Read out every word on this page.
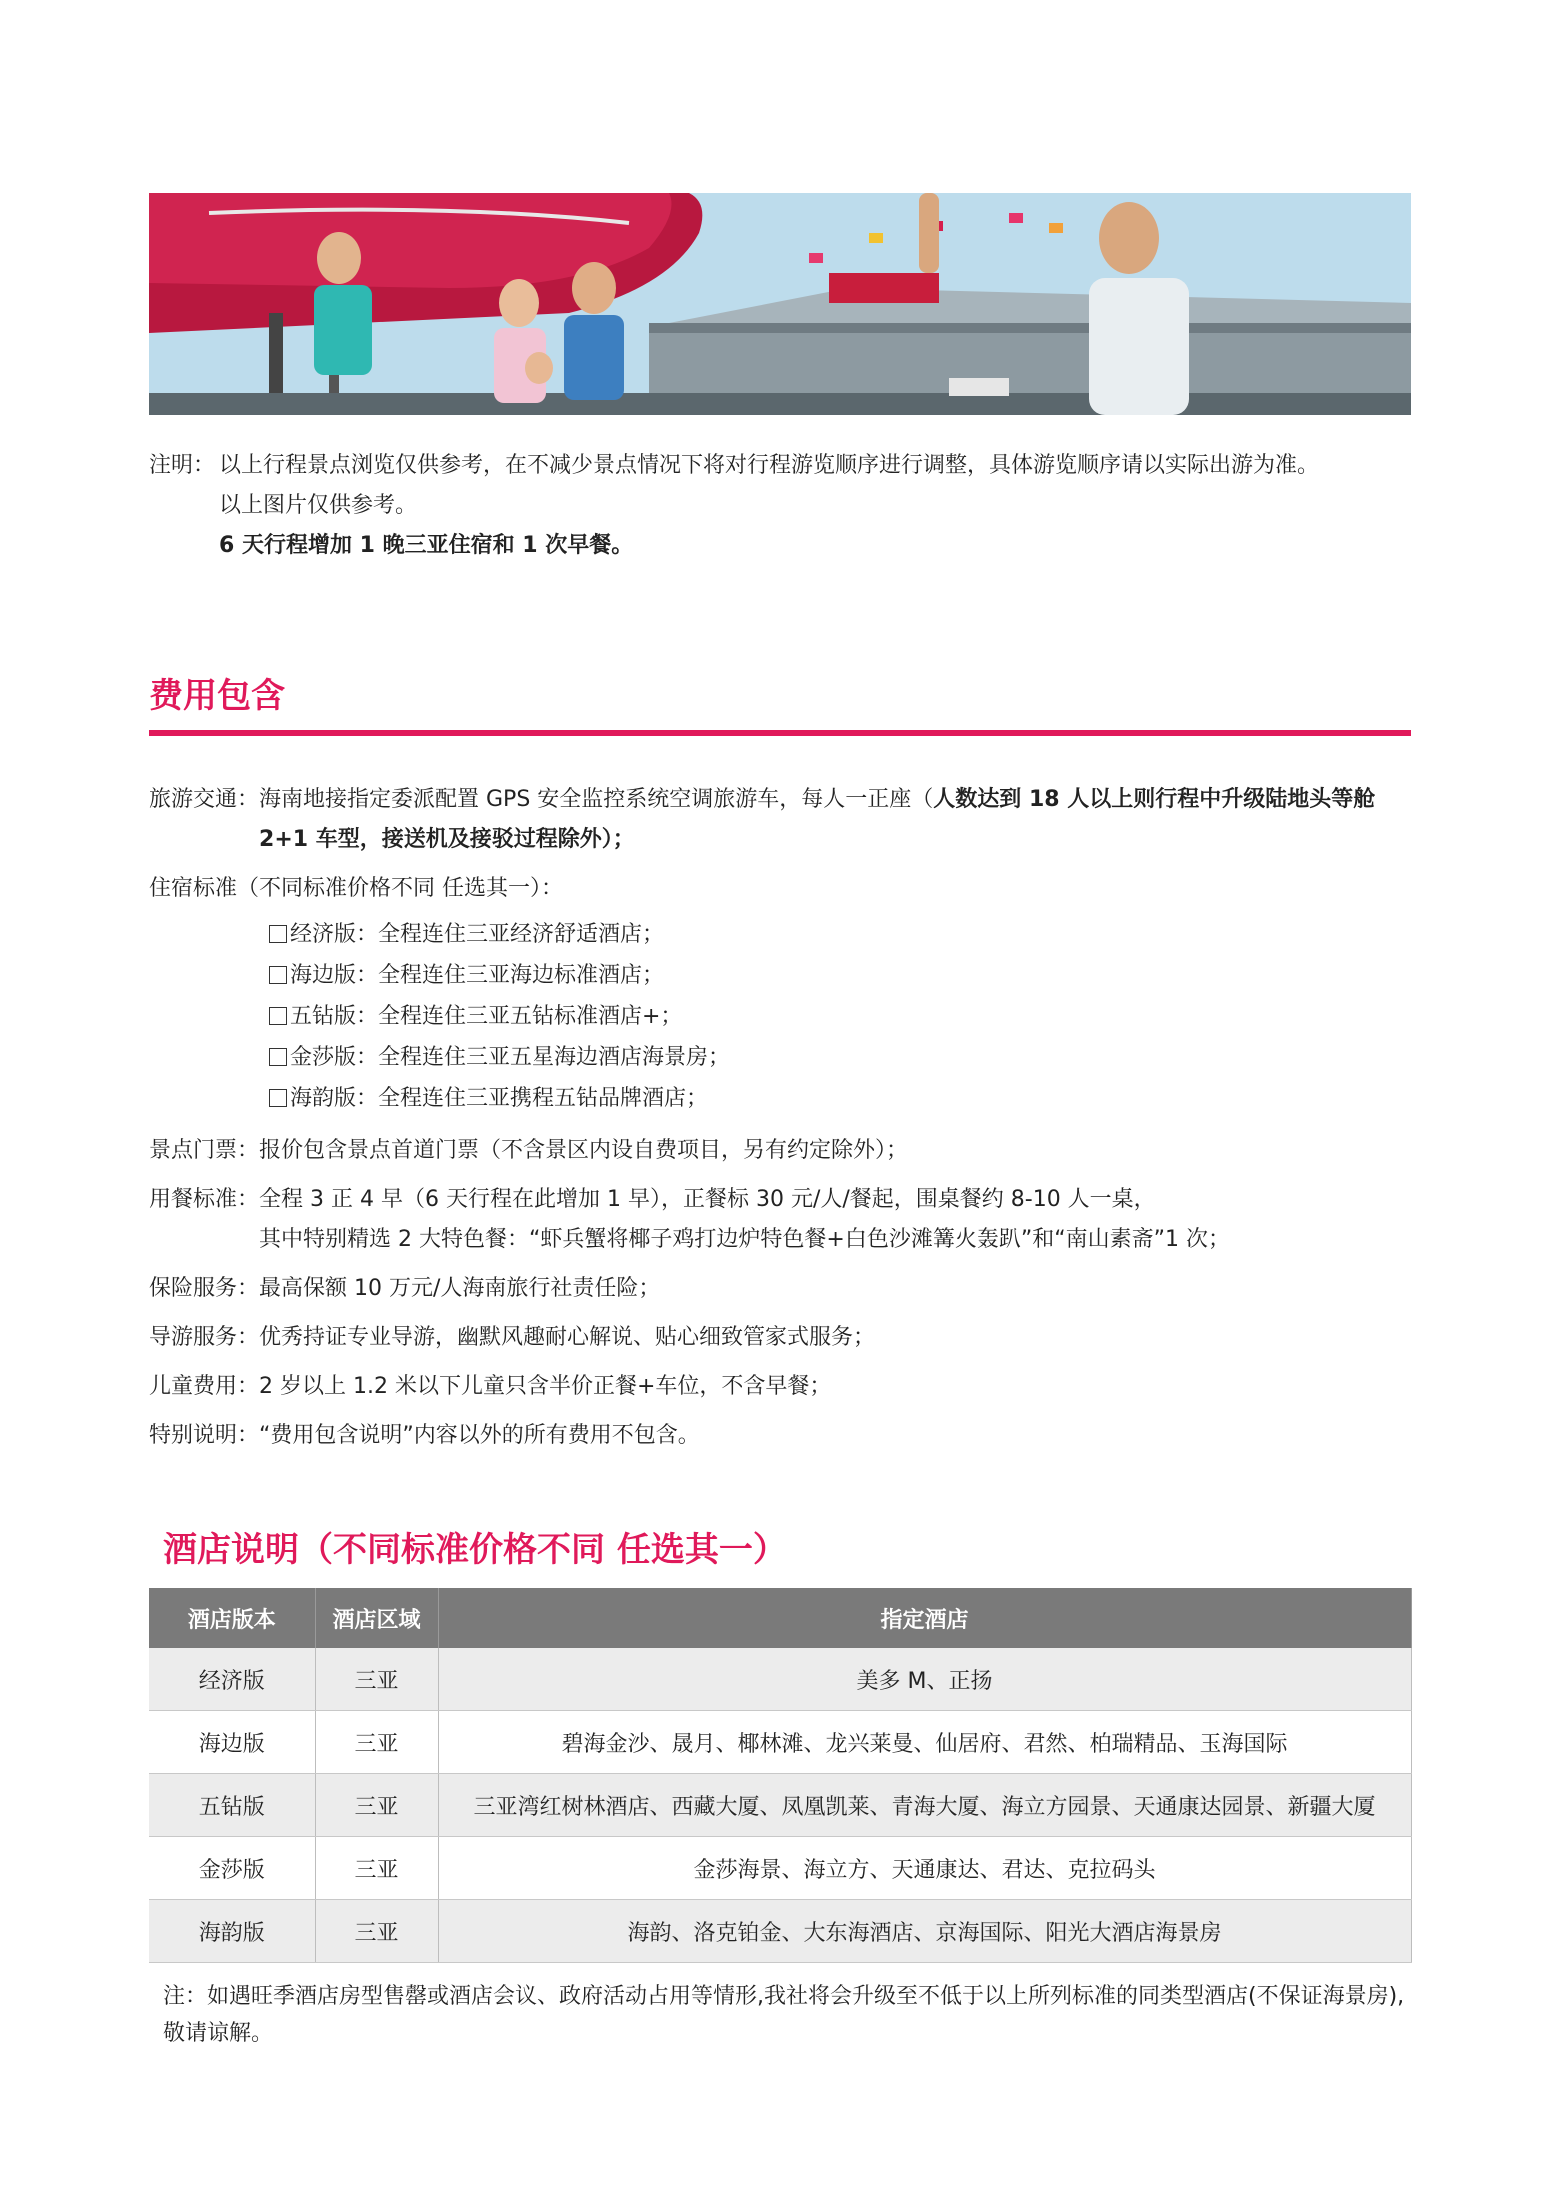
注明： 以上行程景点浏览仅供参考，在不减少景点情况下将对行程游览顺序进行调整，具体游览顺序请以实际出游为准。
以上图片仅供参考。
6 天行程增加 1 晚三亚住宿和 1 次早餐。
费用包含
旅游交通： 海南地接指定委派配置 GPS 安全监控系统空调旅游车，每人一正座（人数达到 18 人以上则行程中升级陆地头等舱 2+1 车型，接送机及接驳过程除外）；
住宿标准（不同标准价格不同 任选其一）：
经济版：全程连住三亚经济舒适酒店；
海边版：全程连住三亚海边标准酒店；
五钻版：全程连住三亚五钻标准酒店+；
金莎版：全程连住三亚五星海边酒店海景房；
海韵版：全程连住三亚携程五钻品牌酒店；
景点门票： 报价包含景点首道门票（不含景区内设自费项目，另有约定除外）；
用餐标准： 全程 3 正 4 早（6 天行程在此增加 1 早），正餐标 30 元/人/餐起，围桌餐约 8-10 人一桌，
其中特别精选 2 大特色餐：“虾兵蟹将椰子鸡打边炉特色餐+白色沙滩篝火轰趴”和“南山素斋”1 次；
保险服务： 最高保额 10 万元/人海南旅行社责任险；
导游服务： 优秀持证专业导游，幽默风趣耐心解说、贴心细致管家式服务；
儿童费用： 2 岁以上 1.2 米以下儿童只含半价正餐+车位，不含早餐；
特别说明： “费用包含说明”内容以外的所有费用不包含。
酒店说明（不同标准价格不同 任选其一）
酒店版本	酒店区域	指定酒店
经济版	三亚	美多 M、正扬
海边版	三亚	碧海金沙、晟月、椰林滩、龙兴莱曼、仙居府、君然、柏瑞精品、玉海国际
五钻版	三亚	三亚湾红树林酒店、西藏大厦、凤凰凯莱、青海大厦、海立方园景、天通康达园景、新疆大厦
金莎版	三亚	金莎海景、海立方、天通康达、君达、克拉码头
海韵版	三亚	海韵、洛克铂金、大东海酒店、京海国际、阳光大酒店海景房
注：如遇旺季酒店房型售罄或酒店会议、政府活动占用等情形,我社将会升级至不低于以上所列标准的同类型酒店(不保证海景房),敬请谅解。
